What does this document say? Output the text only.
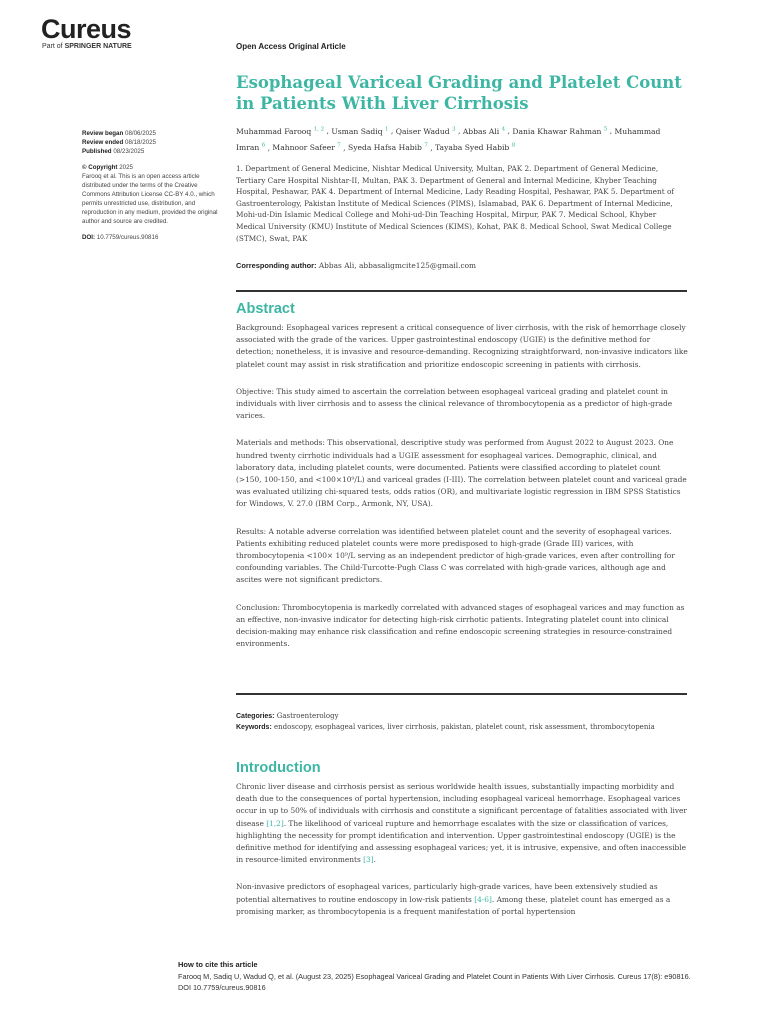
Cureus
Part of SPRINGER NATURE	Open Access Original Article
Esophageal Variceal Grading and Platelet Count in Patients With Liver Cirrhosis
Review began 08/06/2025
Review ended 08/18/2025
Published 08/23/2025
© Copyright 2025
Farooq et al. This is an open access article distributed under the terms of the Creative Commons Attribution License CC-BY 4.0., which permits unrestricted use, distribution, and reproduction in any medium, provided the original author and source are credited.
DOI: 10.7759/cureus.90816
Muhammad Farooq $^{1, 2}$ , Usman Sadiq $^1$ , Qaiser Wadud $^3$ , Abbas Ali $^4$ , Dania Khawar Rahman $^5$ , Muhammad Imran $^6$ , Mahnoor Safeer $^7$ , Syeda Hafsa Habib $^7$ , Tayaba Syed Habib $^8$
1. Department of General Medicine, Nishtar Medical University, Multan, PAK 2. Department of General Medicine, Tertiary Care Hospital Nishtar-II, Multan, PAK 3. Department of General and Internal Medicine, Khyber Teaching Hospital, Peshawar, PAK 4. Department of Internal Medicine, Lady Reading Hospital, Peshawar, PAK 5. Department of Gastroenterology, Pakistan Institute of Medical Sciences (PIMS), Islamabad, PAK 6. Department of Internal Medicine, Mohi-ud-Din Islamic Medical College and Mohi-ud-Din Teaching Hospital, Mirpur, PAK 7. Medical School, Khyber Medical University (KMU) Institute of Medical Sciences (KIMS), Kohat, PAK 8. Medical School, Swat Medical College (STMC), Swat, PAK
Corresponding author: Abbas Ali, abbasaligmcite125@gmail.com
Abstract

Background: Esophageal varices represent a critical consequence of liver cirrhosis, with the risk of hemorrhage closely associated with the grade of the varices. Upper gastrointestinal endoscopy (UGIE) is the definitive method for detection; nonetheless, it is invasive and resource-demanding. Recognizing straightforward, non-invasive indicators like platelet count may assist in risk stratification and prioritize endoscopic screening in patients with cirrhosis.

Objective: This study aimed to ascertain the correlation between esophageal variceal grading and platelet count in individuals with liver cirrhosis and to assess the clinical relevance of thrombocytopenia as a predictor of high-grade varices.

Materials and methods: This observational, descriptive study was performed from August 2022 to August 2023. One hundred twenty cirrhotic individuals had a UGIE assessment for esophageal varices. Demographic, clinical, and laboratory data, including platelet counts, were documented. Patients were classified according to platelet count (>150, 100-150, and <100×10⁹/L) and variceal grades (I-III). The correlation between platelet count and variceal grade was evaluated utilizing chi-squared tests, odds ratios (OR), and multivariate logistic regression in IBM SPSS Statistics for Windows, V. 27.0 (IBM Corp., Armonk, NY, USA).

Results: A notable adverse correlation was identified between platelet count and the severity of esophageal varices. Patients exhibiting reduced platelet counts were more predisposed to high-grade (Grade III) varices, with thrombocytopenia <100× 10⁹/L serving as an independent predictor of high-grade varices, even after controlling for confounding variables. The Child-Turcotte-Pugh Class C was correlated with high-grade varices, although age and ascites were not significant predictors.

Conclusion: Thrombocytopenia is markedly correlated with advanced stages of esophageal varices and may function as an effective, non-invasive indicator for detecting high-risk cirrhotic patients. Integrating platelet count into clinical decision-making may enhance risk classification and refine endoscopic screening strategies in resource-constrained environments.

Categories: Gastroenterology
Keywords: endoscopy, esophageal varices, liver cirrhosis, pakistan, platelet count, risk assessment, thrombocytopenia
Introduction

Chronic liver disease and cirrhosis persist as serious worldwide health issues, substantially impacting morbidity and death due to the consequences of portal hypertension, including esophageal variceal hemorrhage. Esophageal varices occur in up to 50% of individuals with cirrhosis and constitute a significant percentage of fatalities associated with liver disease [1,2]. The likelihood of variceal rupture and hemorrhage escalates with the size or classification of varices, highlighting the necessity for prompt identification and intervention. Upper gastrointestinal endoscopy (UGIE) is the definitive method for identifying and assessing esophageal varices; yet, it is intrusive, expensive, and often inaccessible in resource-limited environments [3].

Non-invasive predictors of esophageal varices, particularly high-grade varices, have been extensively studied as potential alternatives to routine endoscopy in low-risk patients [4-6]. Among these, platelet count has emerged as a promising marker, as thrombocytopenia is a frequent manifestation of portal hypertension

How to cite this article
Farooq M, Sadiq U, Wadud Q, et al. (August 23, 2025) Esophageal Variceal Grading and Platelet Count in Patients With Liver Cirrhosis. Cureus 17(8): e90816. DOI 10.7759/cureus.90816
